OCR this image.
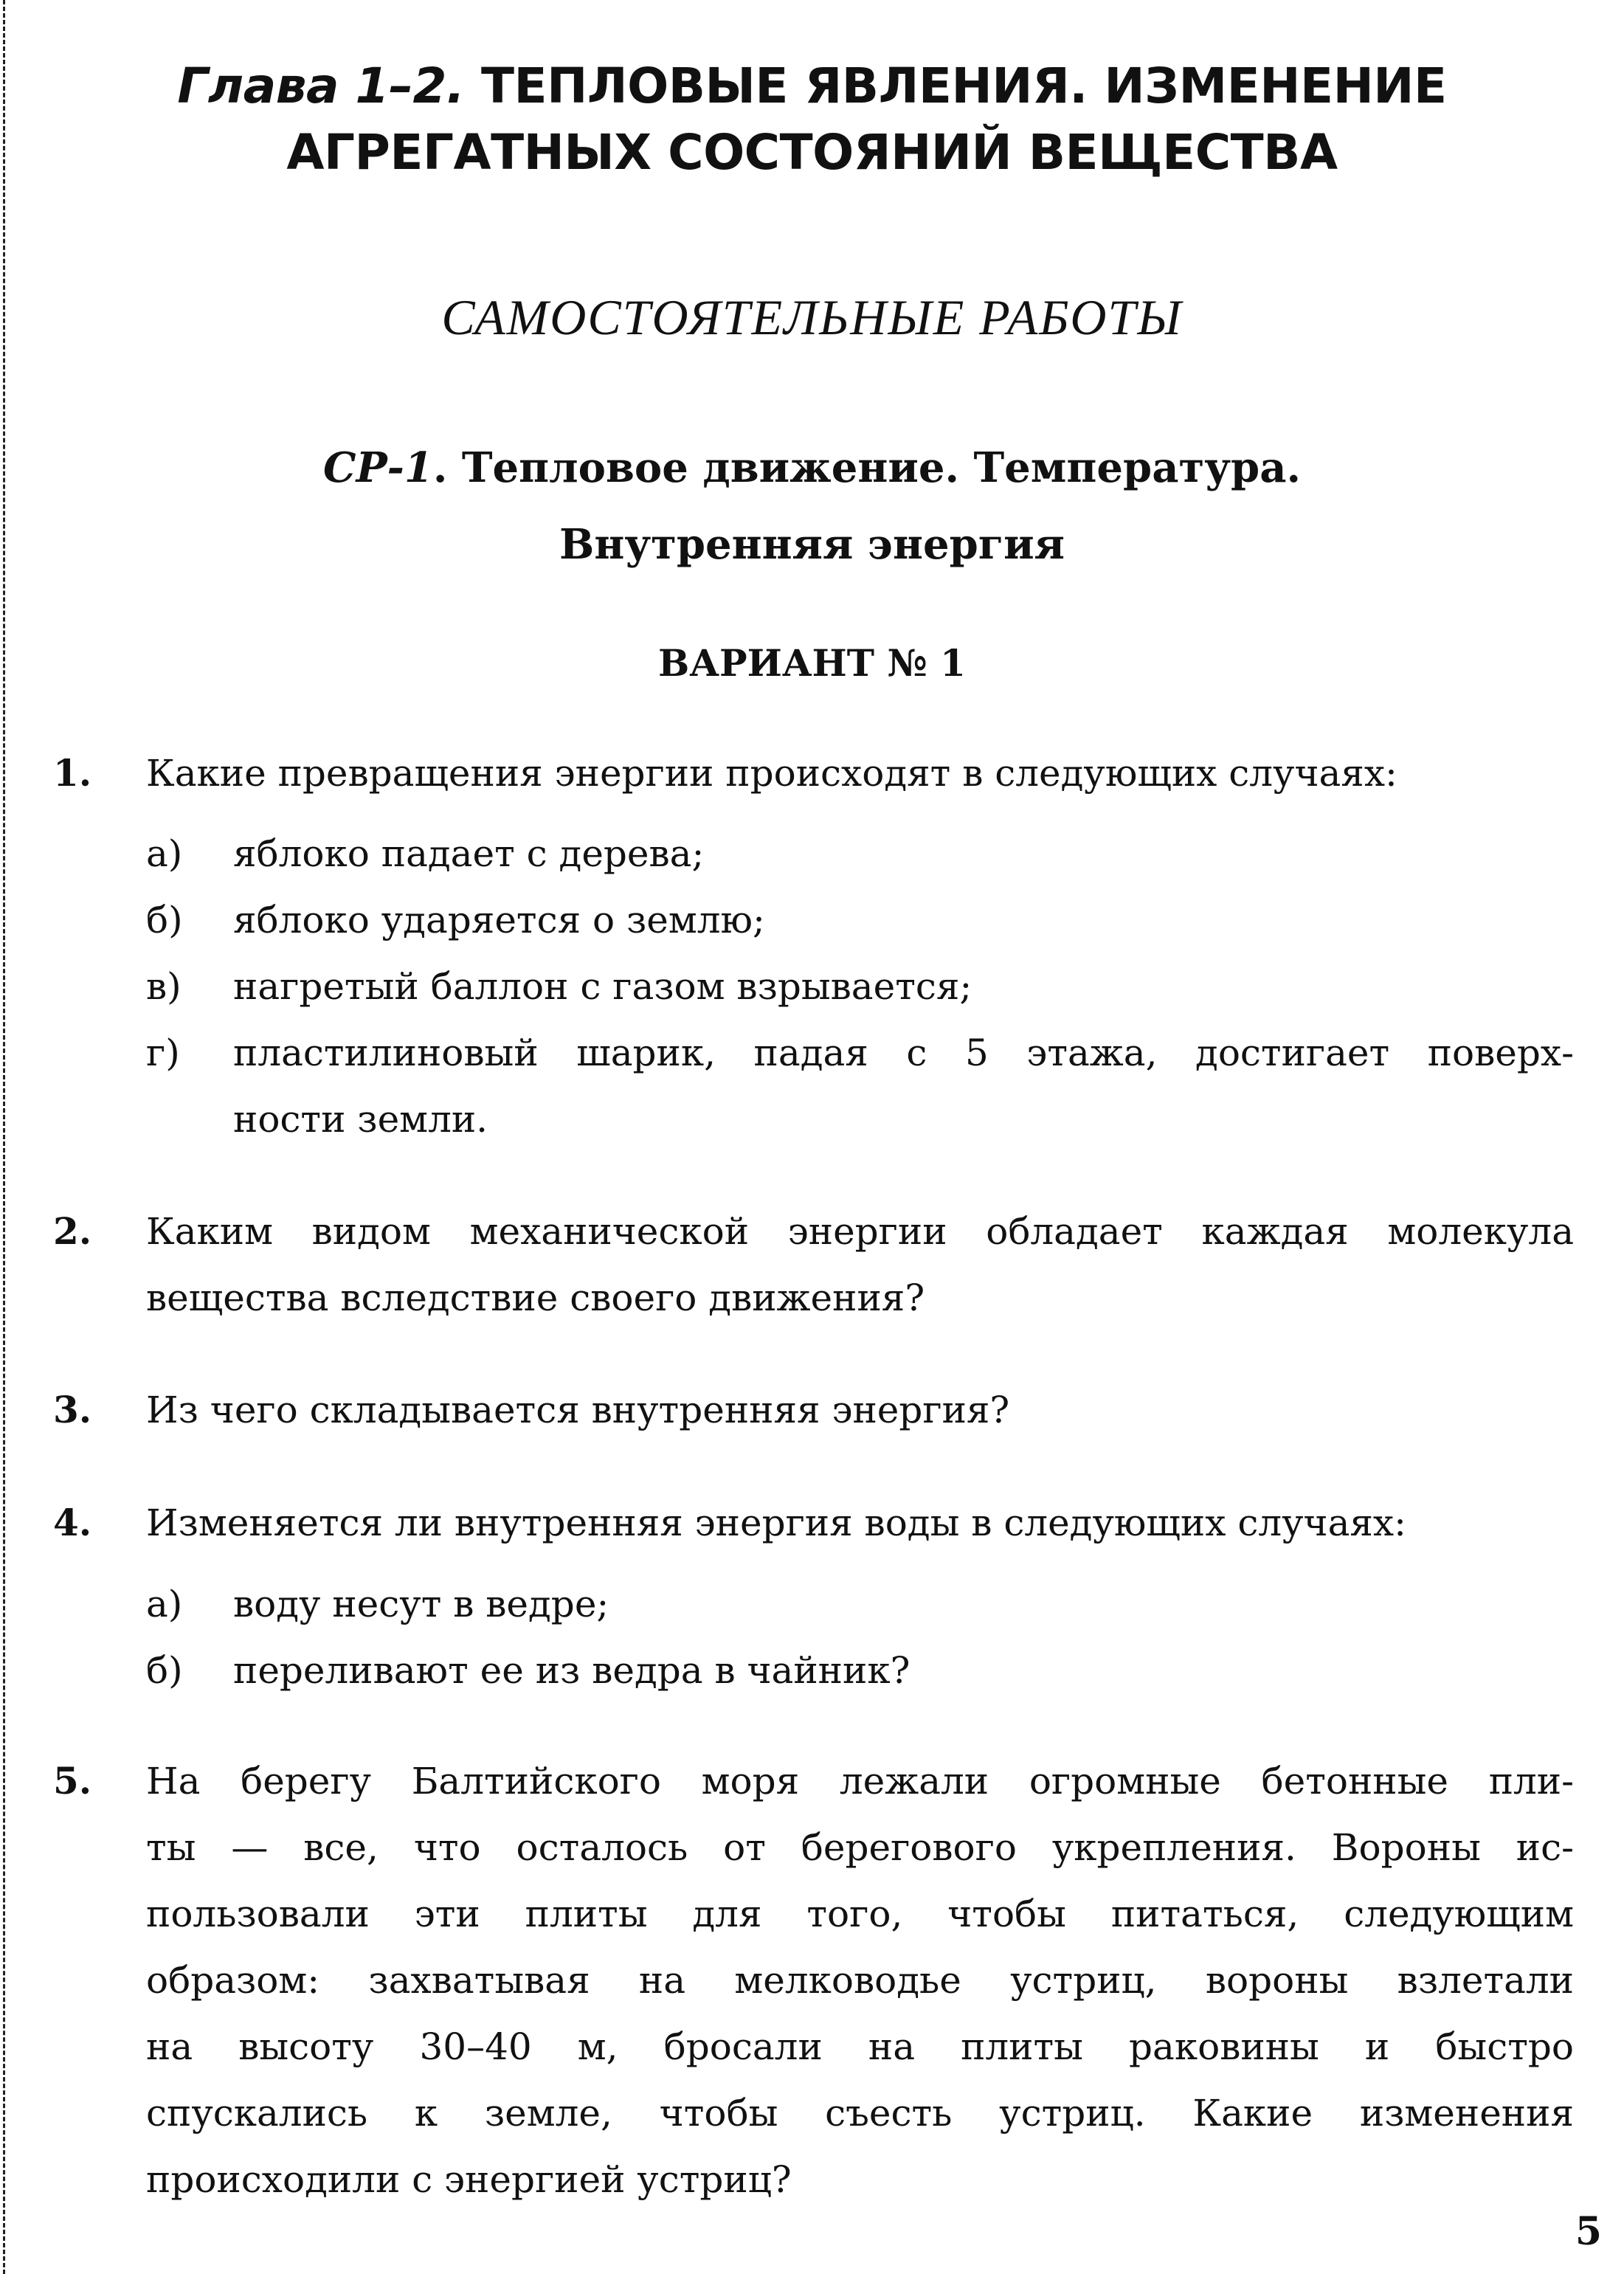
Глава 1–2. ТЕПЛОВЫЕ ЯВЛЕНИЯ. ИЗМЕНЕНИЕ
АГРЕГАТНЫХ СОСТОЯНИЙ ВЕЩЕСТВА
САМОСТОЯТЕЛЬНЫЕ РАБОТЫ
СР-1. Тепловое движение. Температура.
Внутренняя энергия
ВАРИАНТ № 1
1. Какие превращения энергии происходят в следующих случаях:
а)	яблоко падает с дерева;
б)	яблоко ударяется о землю;
в)	нагретый баллон с газом взрывается;
г)	пластилиновый шарик, падая с 5 этажа, достигает поверх-
ности земли.
2. Каким видом механической энергии обладает каждая молекула
вещества вследствие своего движения?
3. Из чего складывается внутренняя энергия?
4. Изменяется ли внутренняя энергия воды в следующих случаях:
а)	воду несут в ведре;
б)	переливают ее из ведра в чайник?
5. На берегу Балтийского моря лежали огромные бетонные пли-
ты — все, что осталось от берегового укрепления. Вороны ис-
пользовали эти плиты для того, чтобы питаться, следующим
образом: захватывая на мелководье устриц, вороны взлетали
на высоту 30–40 м, бросали на плиты раковины и быстро
спускались к земле, чтобы съесть устриц. Какие изменения
происходили с энергией устриц?
5
